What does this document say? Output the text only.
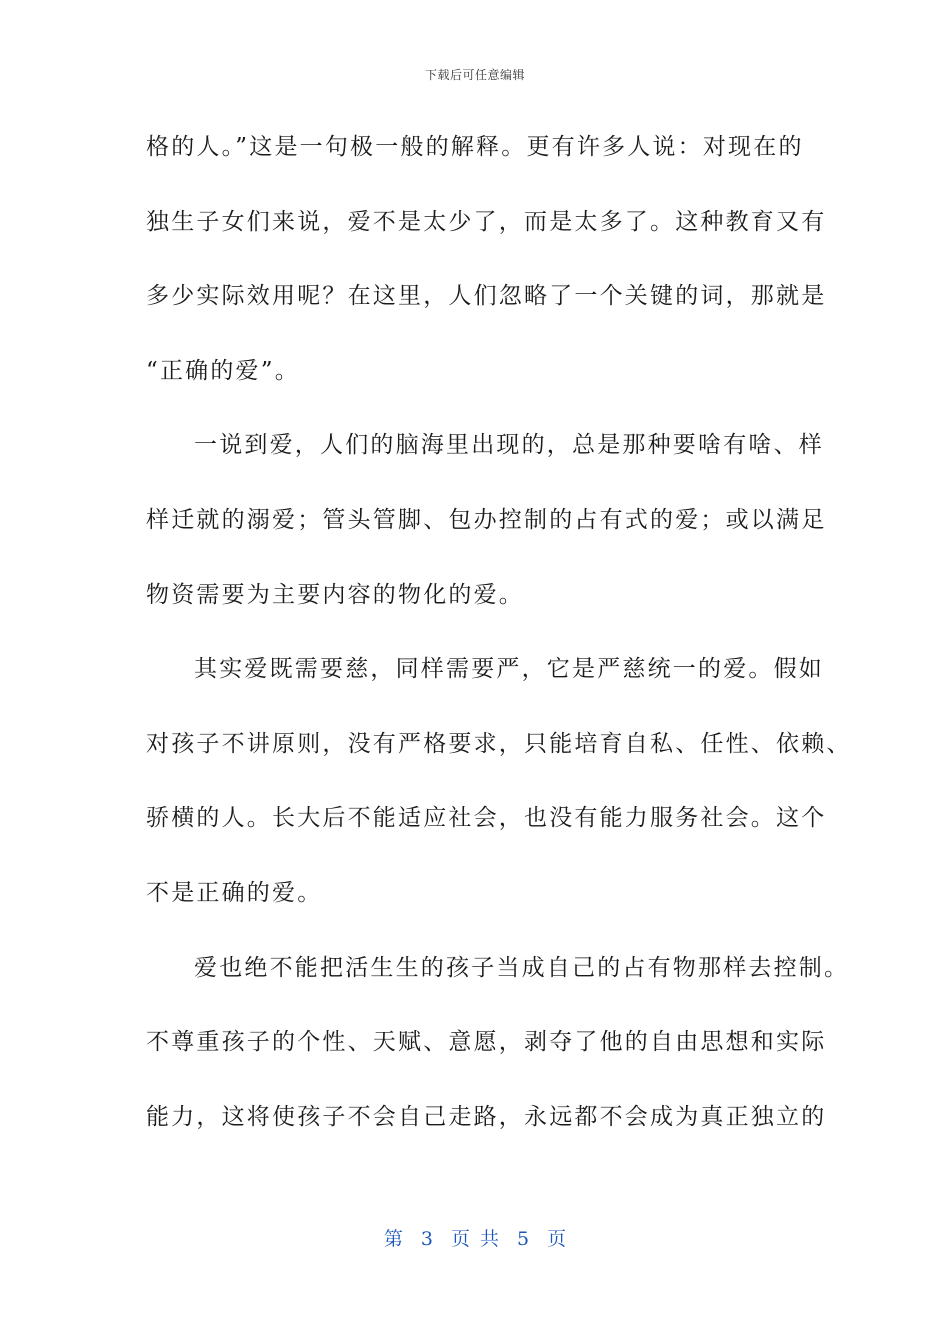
下载后可任意编辑
格的人。”这是一句极一般的解释。更有许多人说：对现在的
独生子女们来说，爱不是太少了，而是太多了。这种教育又有
多少实际效用呢？在这里，人们忽略了一个关键的词，那就是
“正确的爱”。
一说到爱，人们的脑海里出现的，总是那种要啥有啥、样
样迁就的溺爱；管头管脚、包办控制的占有式的爱；或以满足
物资需要为主要内容的物化的爱。
其实爱既需要慈，同样需要严，它是严慈统一的爱。假如
对孩子不讲原则，没有严格要求，只能培育自私、任性、依赖、
骄横的人。长大后不能适应社会，也没有能力服务社会。这个
不是正确的爱。
爱也绝不能把活生生的孩子当成自己的占有物那样去控制。
不尊重孩子的个性、天赋、意愿，剥夺了他的自由思想和实际
能力，这将使孩子不会自己走路，永远都不会成为真正独立的
第 3 页 共 5 页
